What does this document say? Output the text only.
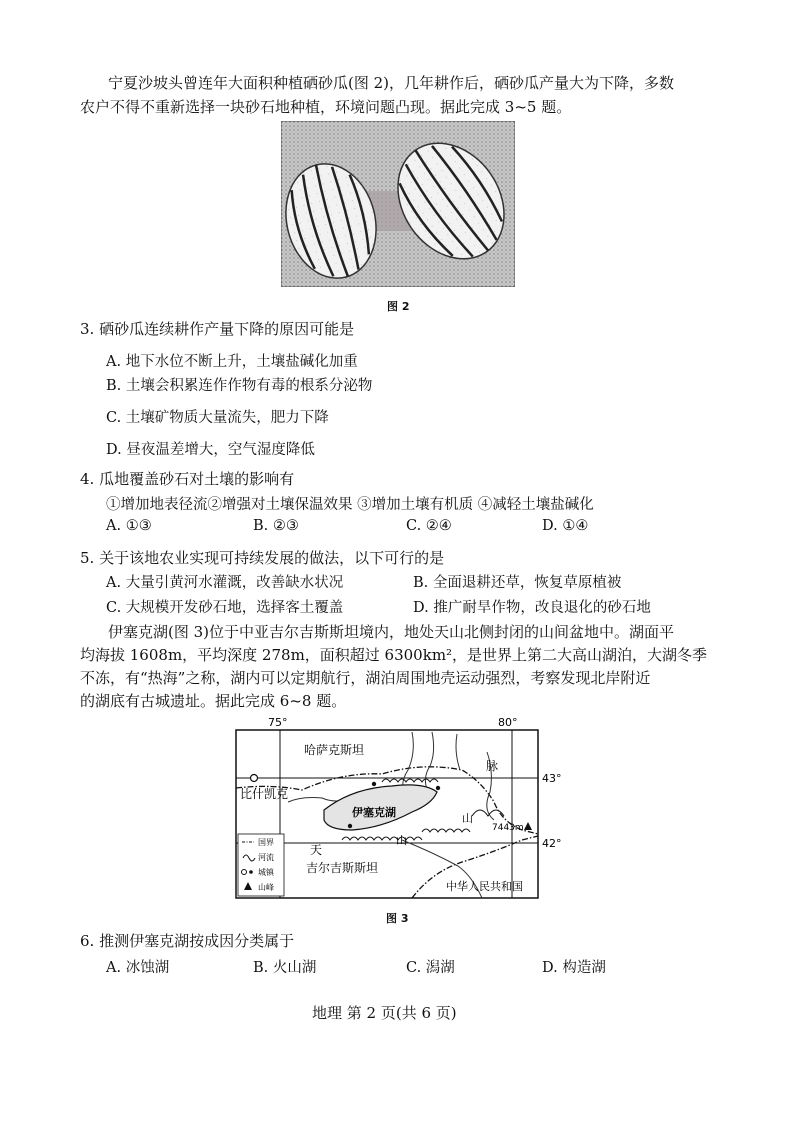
宁夏沙坡头曾连年大面积种植硒砂瓜(图 2)，几年耕作后，硒砂瓜产量大为下降，多数
农户不得不重新选择一块砂石地种植，环境问题凸现。据此完成 3~5 题。
图 2
3. 硒砂瓜连续耕作产量下降的原因可能是
A. 地下水位不断上升，土壤盐碱化加重
B. 土壤会积累连作作物有毒的根系分泌物
C. 土壤矿物质大量流失，肥力下降
D. 昼夜温差增大，空气湿度降低
4. 瓜地覆盖砂石对土壤的影响有
①增加地表径流②增强对土壤保温效果 ③增加土壤有机质 ④减轻土壤盐碱化
A. ①③	B. ②③	C. ②④	D. ①④
5. 关于该地农业实现可持续发展的做法，以下可行的是
A. 大量引黄河水灌溉，改善缺水状况	B. 全面退耕还草，恢复草原植被
C. 大规模开发砂石地，选择客土覆盖	D. 推广耐旱作物，改良退化的砂石地
伊塞克湖(图 3)位于中亚吉尔吉斯斯坦境内，地处天山北侧封闭的山间盆地中。湖面平
均海拔 1608m，平均深度 278m，面积超过 6300km²，是世界上第二大高山湖泊，大湖冬季
不冻，有“热海”之称，湖内可以定期航行，湖泊周围地壳运动强烈，考察发现北岸附近
的湖底有古城遗址。据此完成 6~8 题。
75°	80°
43°
42°
伊塞克湖
哈萨克斯坦
比什凯克
脉
山
山
天
吉尔吉斯斯坦
中华人民共和国
7443m
国界
河流
城镇
山峰
图 3
6. 推测伊塞克湖按成因分类属于
A. 冰蚀湖	B. 火山湖	C. 潟湖	D. 构造湖
地理 第 2 页(共 6 页)
